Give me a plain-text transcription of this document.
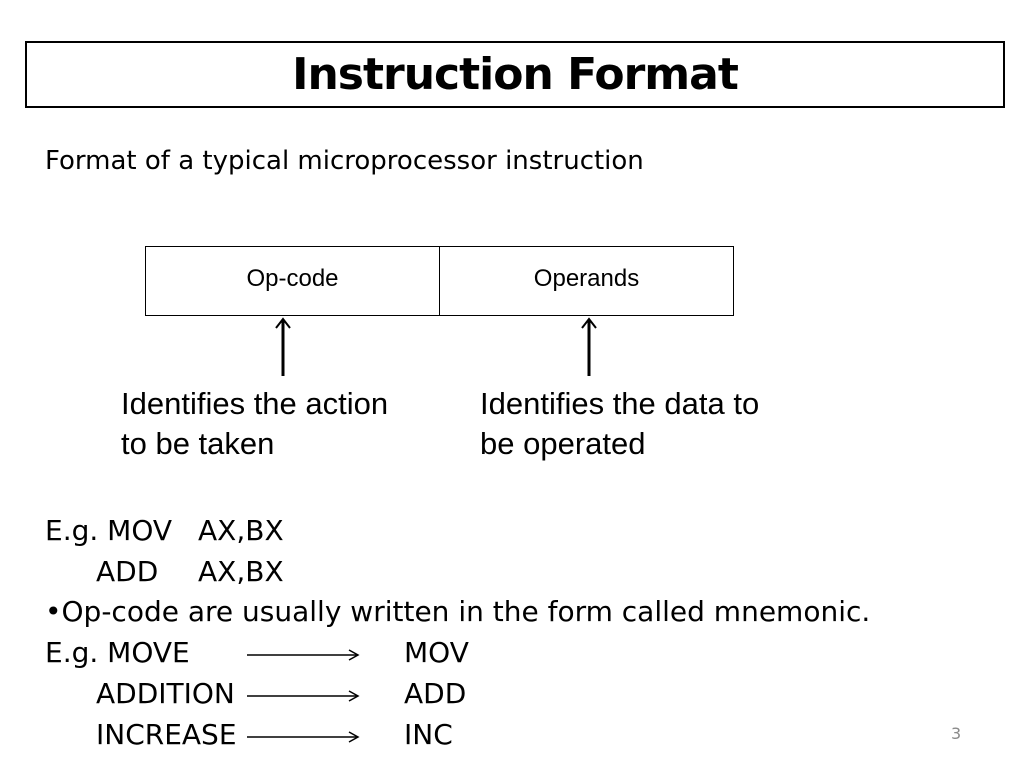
Instruction Format
Format of a typical microprocessor instruction
Op-code	Operands
Identifies the action
to be taken
Identifies the data to
be operated
E.g. MOV AX,BX
ADD AX,BX
•Op-code are usually written in the form called mnemonic.
E.g. MOVE	MOV
ADDITION	ADD
INCREASE	INC	3
